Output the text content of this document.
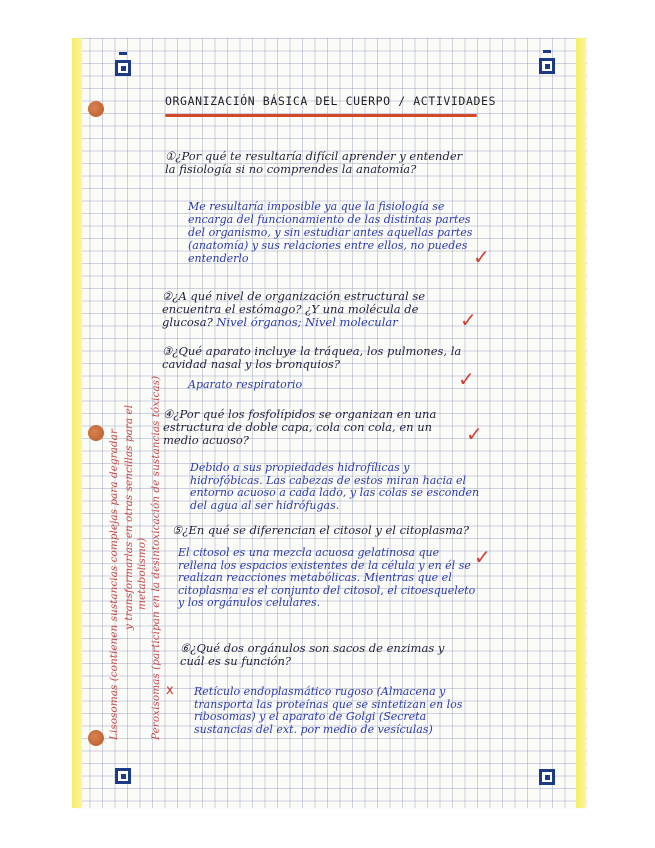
ORGANIZACIÓN BÁSICA DEL CUERPO / ACTIVIDADES

①¿Por qué te resultaría difícil aprender y entender la fisiología si no comprendes la anatomía?

Me resultaría imposible ya que la fisiología se encarga del funcionamiento de las distintas partes del organismo, y sin estudiar antes aquellas partes (anatomía) y sus relaciones entre ellos, no puedes entenderlo	✓

②¿A qué nivel de organización estructural se encuentra el estómago? ¿Y una molécula de glucosa? Nivel órganos; Nivel molecular	✓

③¿Qué aparato incluye la tráquea, los pulmones, la cavidad nasal y los bronquios?

Aparato respiratorio	✓

④¿Por qué los fosfolípidos se organizan en una estructura de doble capa, cola con cola, en un medio acuoso?	✓

Debido a sus propiedades hidrofílicas y hidrofóbicas. Las cabezas de estos miran hacia el entorno acuoso a cada lado, y las colas se esconden del agua al ser hidrófugas.

⑤¿En qué se diferencian el citosol y el citoplasma?

El citosol es una mezcla acuosa gelatinosa que rellena los espacios existentes de la célula y en él se realizan reacciones metabólicas. Mientras que el citoplasma es el conjunto del citosol, el citoesqueleto y los orgánulos celulares.

✓

⑥¿Qué dos orgánulos son sacos de enzimas y cuál es su función?

x Retículo endoplasmático rugoso (Almacena y transporta las proteínas que se sintetizan en los ribosomas) y el aparato de Golgi (Secreta sustancias del ext. por medio de vesículas)

Lisosomas (contienen sustancias complejas para degradar y transformarlas en otras sencillas para el metabolismo) Peroxisomas (participan en la desintoxicación de sustancias tóxicas)
